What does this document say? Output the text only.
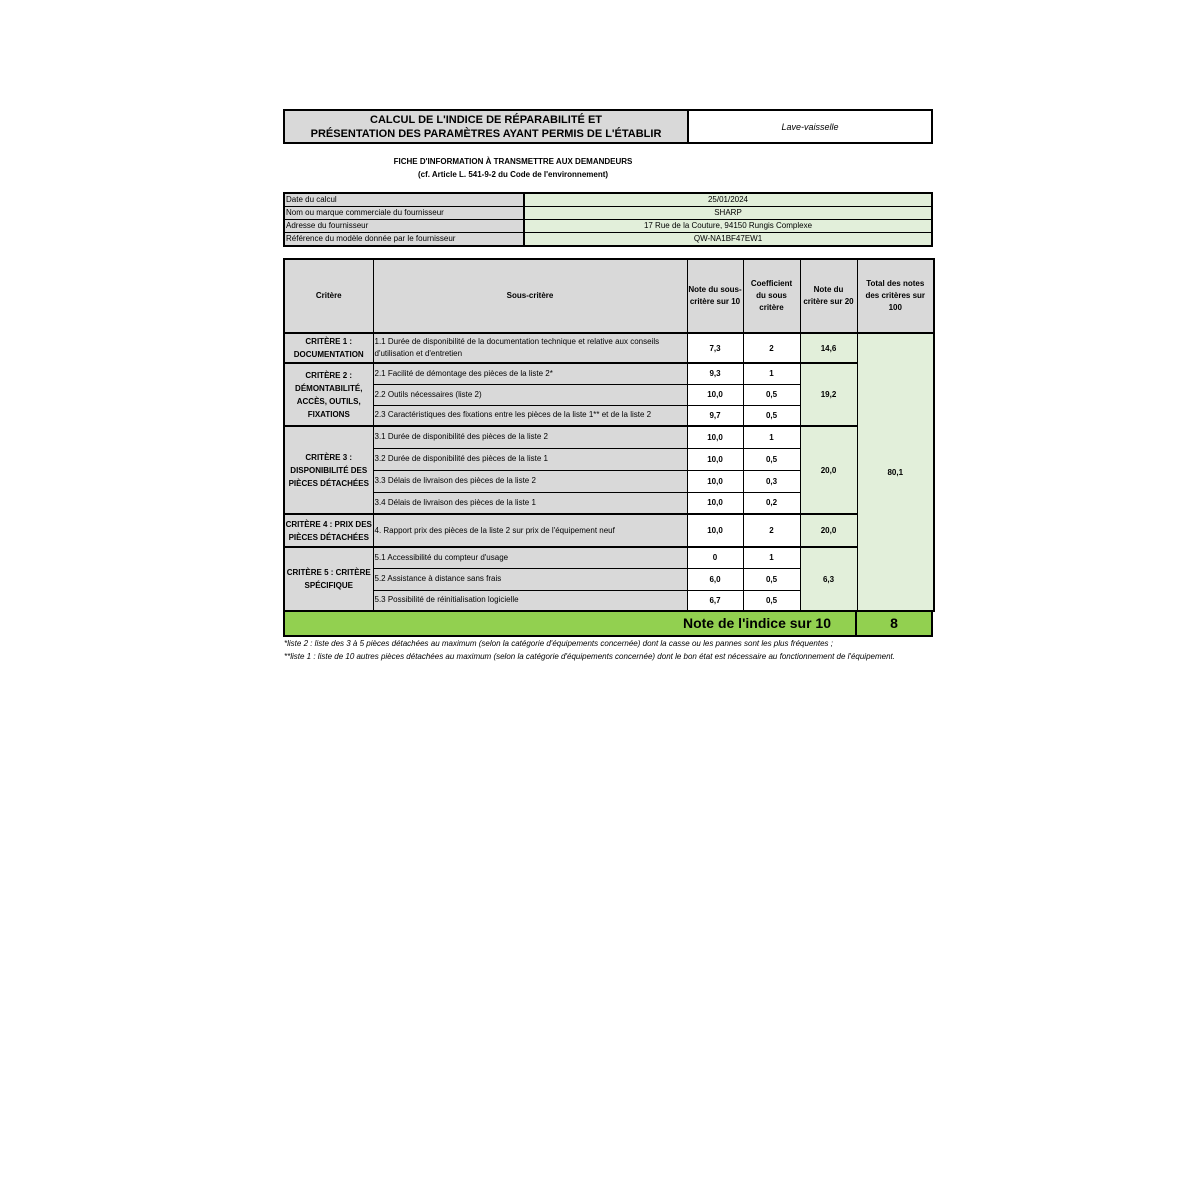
CALCUL DE L'INDICE DE RÉPARABILITÉ ET
PRÉSENTATION DES PARAMÈTRES AYANT PERMIS DE L'ÉTABLIR
Lave-vaisselle
FICHE D'INFORMATION À TRANSMETTRE AUX DEMANDEURS
(cf. Article L. 541-9-2 du Code de l'environnement)
Date du calcul	25/01/2024
Nom ou marque commerciale du fournisseur	SHARP
Adresse du fournisseur	17 Rue de la Couture, 94150 Rungis Complexe
Référence du modèle donnée par le fournisseur	QW-NA1BF47EW1
Critère	Sous-critère	Note du sous-critère sur 10	Coefficient du sous critère	Note du critère sur 20	Total des notes des critères sur 100
CRITÈRE 1 : DOCUMENTATION	1.1 Durée de disponibilité de la documentation technique et relative aux conseils d'utilisation et d'entretien	7,3	2	14,6	80,1
CRITÈRE 2 : DÉMONTABILITÉ, ACCÈS, OUTILS, FIXATIONS	2.1 Facilité de démontage des pièces de la liste 2*	9,3	1	19,2	
	2.2 Outils nécessaires (liste 2)	10,0	0,5		
	2.3 Caractéristiques des fixations entre les pièces de la liste 1** et de la liste 2	9,7	0,5		
CRITÈRE 3 : DISPONIBILITÉ DES PIÈCES DÉTACHÉES	3.1 Durée de disponibilité des pièces de la liste 2	10,0	1	20,0	
	3.2 Durée de disponibilité des pièces de la liste 1	10,0	0,5		
	3.3 Délais de livraison des pièces de la liste 2	10,0	0,3		
	3.4 Délais de livraison des pièces de la liste 1	10,0	0,2		
CRITÈRE 4 : PRIX DES PIÈCES DÉTACHÉES	4. Rapport prix des pièces de la liste 2 sur prix de l'équipement neuf	10,0	2	20,0	
CRITÈRE 5 : CRITÈRE SPÉCIFIQUE	5.1 Accessibilité du compteur d'usage	0	1	6,3	
	5.2 Assistance à distance sans frais	6,0	0,5		
	5.3 Possibilité de réinitialisation logicielle	6,7	0,5		
Note de l'indice sur 10	8
*liste 2 : liste des 3 à 5 pièces détachées au maximum (selon la catégorie d'équipements concernée) dont la casse ou les pannes sont les plus fréquentes ;
**liste 1 : liste de 10 autres pièces détachées au maximum (selon la catégorie d'équipements concernée) dont le bon état est nécessaire au fonctionnement de l'équipement.
